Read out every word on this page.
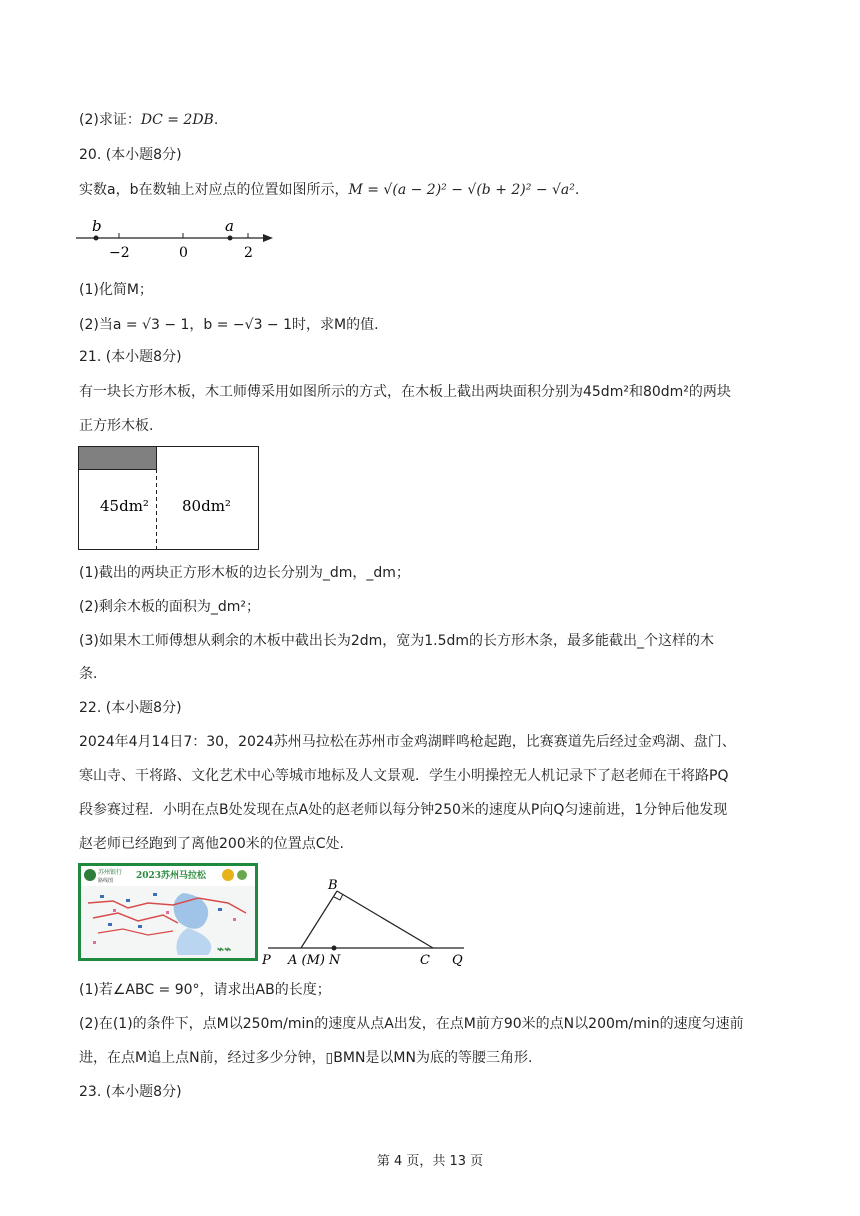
(2)求证：DC = 2DB.
20. (本小题8分)
实数a，b在数轴上对应点的位置如图所示，M = √(a − 2)² − √(b + 2)² − √a².
b	a
−2	0	2
(1)化简M；
(2)当a = √3 − 1，b = −√3 − 1时，求M的值.
21. (本小题8分)
有一块长方形木板，木工师傅采用如图所示的方式，在木板上截出两块面积分别为45dm²和80dm²的两块
正方形木板.
45dm² 80dm²
(1)截出的两块正方形木板的边长分别为_dm，_dm；
(2)剩余木板的面积为_dm²；
(3)如果木工师傅想从剩余的木板中截出长为2dm，宽为1.5dm的长方形木条，最多能截出_个这样的木
条.
22. (本小题8分)
2024年4月14日7：30，2024苏州马拉松在苏州市金鸡湖畔鸣枪起跑，比赛赛道先后经过金鸡湖、盘门、
寒山寺、干将路、文化艺术中心等城市地标及人文景观．学生小明操控无人机记录下了赵老师在干将路PQ
段参赛过程．小明在点B处发现在点A处的赵老师以每分钟250米的速度从P向Q匀速前进，1分钟后他发现
赵老师已经跑到了离他200米的位置点C处.
苏州银行
路线图	2023苏州马拉松
⌁⌁
B
P A (M) N	C Q
(1)若∠ABC = 90°，请求出AB的长度；
(2)在(1)的条件下，点M以250m/min的速度从点A出发，在点M前方90米的点N以200m/min的速度匀速前
进，在点M追上点N前，经过多少分钟，▯BMN是以MN为底的等腰三角形.
23. (本小题8分)
第 4 页，共 13 页
